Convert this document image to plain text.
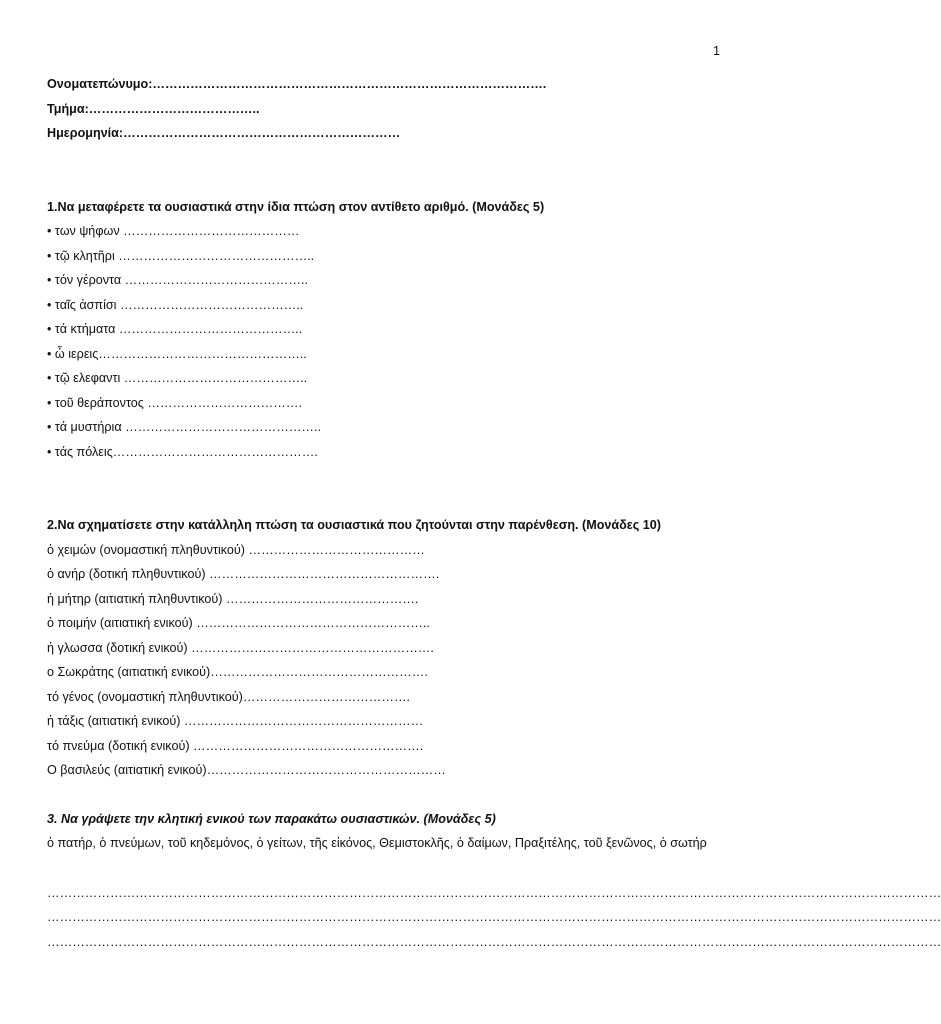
1
Ονοματεπώνυμο:………………………………………………………………………………….
Τμήμα:…………………………………..
Ημερομηνία:…………………………………………………………
1.Να μεταφέρετε τα ουσιαστικά στην ίδια πτώση στον αντίθετο αριθμό. (Μονάδες 5)
• των ψήφων ……………………………………
• τῷ κλητῆρι ………………………………………..
• τόν γέροντα ……………………………………..
• ταῖς ἀσπίσι ……………………………………..
• τά κτήματα ……………………………………..
• ὦ ιερεις…………………………………………..
• τῷ ελεφαντι ……………………………………..
• τοῦ θεράποντος ……………………………….
• τά μυστήρια ………………………………………..
• τάς πόλεις………………………………………….
2.Να σχηματίσετε στην κατάλληλη πτώση τα ουσιαστικά που ζητούνται στην παρένθεση. (Μονάδες 10)
ὁ χειμών (ονομαστική πληθυντικού) ……………………………………
ὁ ανήρ (δοτική πληθυντικού) ……………………………………………….
ἡ μήτηρ (αιτιατική πληθυντικού) ……………………………………….
ὁ ποιμήν (αιτιατική ενικού) ………………………………………………..
ἡ γλωσσα (δοτική ενικού) ………………………………………………….
ο Σωκράτης (αιτιατική ενικού)…………………………………………….
τό γένος (ονομαστική πληθυντικού)………………………………….
ἡ τάξις (αιτιατική ενικού) …………………………………………………
τό πνεύμα (δοτική ενικού) ……………………………………………….
Ο βασιλεύς (αιτιατική ενικού)…………………………………………………
3. Να γράψετε την κλητική ενικού των παρακάτω ουσιαστικών. (Μονάδες 5)
ὁ πατήρ, ὁ πνεύμων, τοῦ κηδεμόνος, ὁ γείτων, τῆς εἰκόνος, Θεμιστοκλῆς, ὁ δαίμων, Πραξιτέλης, τοῦ ξενῶνος, ὁ σωτήρ
……………………………………………………………………………………………………………………………………………………………………………………………
……………………………………………………………………………………………………………………………………………………………………………………………
……………………………………………………………………………………………………………………………………………………………………………………………
